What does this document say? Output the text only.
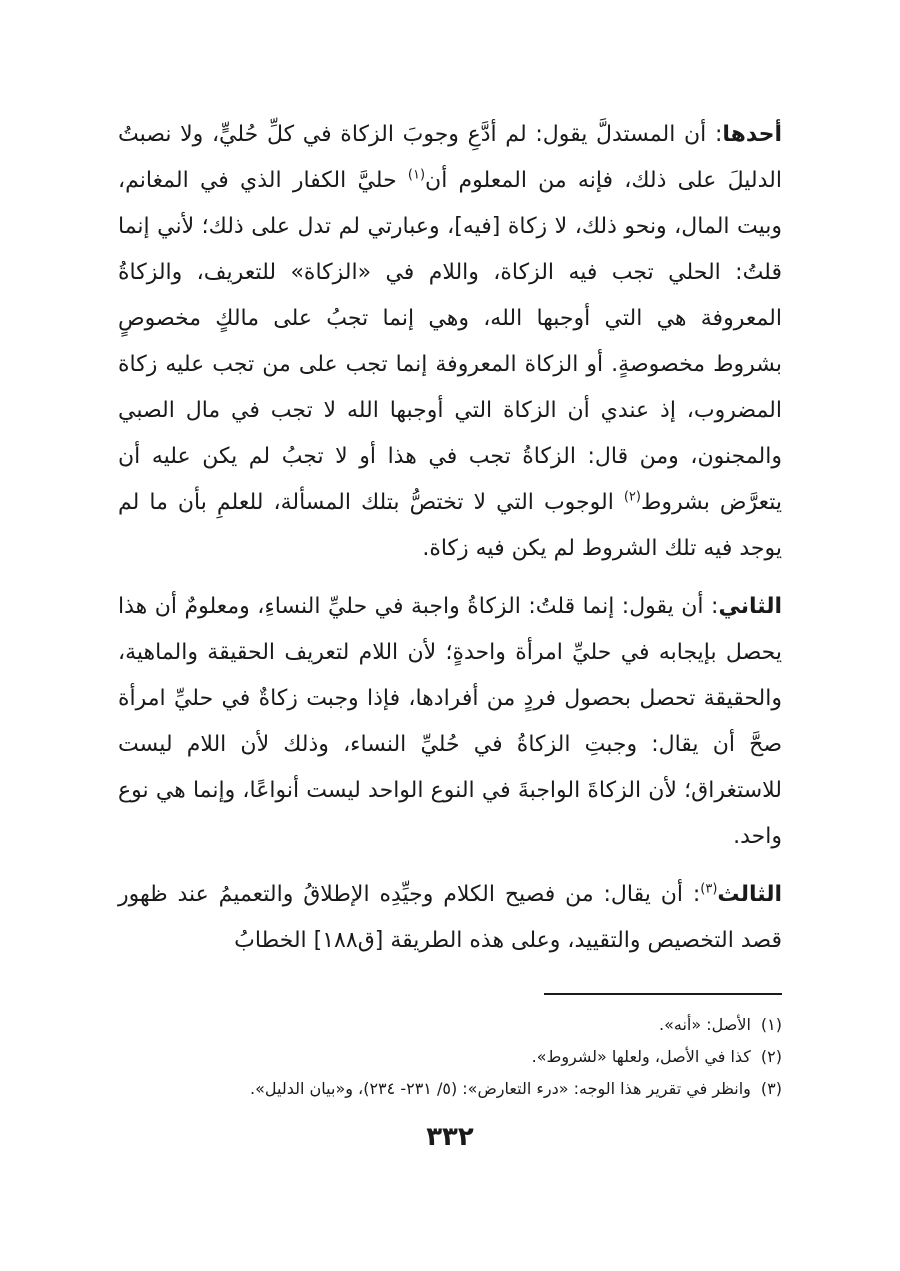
أحدها: أن المستدلَّ يقول: لم أدَّعِ وجوبَ الزكاة في كلِّ حُليٍّ، ولا نصبتُ الدليلَ على ذلك، فإنه من المعلوم أن$^{(١)}$ حليَّ الكفار الذي في المغانم، وبيت المال، ونحو ذلك، لا زكاة [فيه]، وعبارتي لم تدل على ذلك؛ لأني إنما قلتُ: الحلي تجب فيه الزكاة، واللام في «الزكاة» للتعريف، والزكاةُ المعروفة هي التي أوجبها الله، وهي إنما تجبُ على مالكٍ مخصوصٍ بشروط مخصوصةٍ. أو الزكاة المعروفة إنما تجب على من تجب عليه زكاة المضروب، إذ عندي أن الزكاة التي أوجبها الله لا تجب في مال الصبي والمجنون، ومن قال: الزكاةُ تجب في هذا أو لا تجبُ لم يكن عليه أن يتعرَّض بشروط$^{(٢)}$ الوجوب التي لا تختصُّ بتلك المسألة، للعلمِ بأن ما لم يوجد فيه تلك الشروط لم يكن فيه زكاة.

الثاني: أن يقول: إنما قلتُ: الزكاةُ واجبة في حليِّ النساءِ، ومعلومٌ أن هذا يحصل بإيجابه في حليِّ امرأة واحدةٍ؛ لأن اللام لتعريف الحقيقة والماهية، والحقيقة تحصل بحصول فردٍ من أفرادها، فإذا وجبت زكاةٌ في حليِّ امرأة صحَّ أن يقال: وجبتِ الزكاةُ في حُليِّ النساء، وذلك لأن اللام ليست للاستغراق؛ لأن الزكاةَ الواجبةَ في النوع الواحد ليست أنواعًا، وإنما هي نوع واحد.

الثالث$^{(٣)}$: أن يقال: من فصيح الكلام وجيِّدِه الإطلاقُ والتعميمُ عند ظهور قصد التخصيص والتقييد، وعلى هذه الطريقة [ق١٨٨] الخطابُ

(١)الأصل: «أنه».
(٢)كذا في الأصل، ولعلها «لشروط».
(٣)وانظر في تقرير هذا الوجه: «درء التعارض»: (٥/ ٢٣١- ٢٣٤)، و«بيان الدليل».
٣٣٢
